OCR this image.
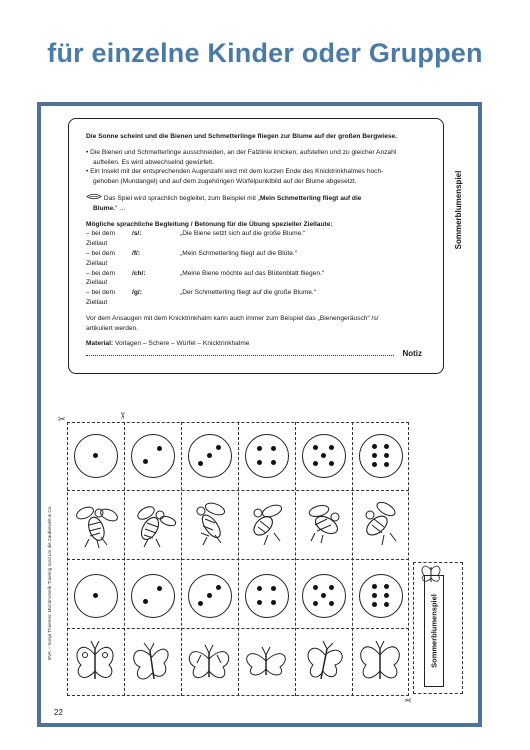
für einzelne Kinder oder Gruppen

Die Sonne scheint und die Bienen und Schmetterlinge fliegen zur Blume auf der großen Bergwiese.

• Die Bienen und Schmetterlinge ausschneiden, an der Falzlinie knicken, aufstellen und zu gleicher Anzahl

aufteilen. Es wird abwechselnd gewürfelt.

• Ein Insekt mit der entsprechenden Augenzahl wird mit dem kurzen Ende des Knicktrinkhalmes hoch-

gehoben (Mundangel) und auf dem zugehörigen Würfelpunktbild auf der Blume abgesetzt.

Das Spiel wird sprachlich begleitet, zum Beispiel mit „Mein Schmetterling fliegt auf die

Blume.“ …

Mögliche sprachliche Begleitung / Betonung für die Übung spezieller Ziellaute:

– bei dem Ziellaut
/s/:	„Die Biene setzt sich auf die große Blume.“
– bei dem Ziellaut
/f/:	„Mein Schmetterling fliegt auf die Blüte.“
– bei dem Ziellaut
/ch/:	„Meine Biene möchte auf das Blütenblatt fliegen.“
– bei dem Ziellaut
/g/:	„Der Schmetterling fliegt auf die große Blume.“

Vor dem Ansaugen mit dem Knicktrinkhalm kann auch immer zum Beispiel das „Bienengeräusch“ /s/

artikuliert werden.

Material: Vorlagen – Schere – Würfel – Knicktrinkhalme

Notiz
Sommerblumenspiel
BVK – Sonja Thoenes: Mundmotorik-Training rund um die Zauberwelt & Co.
22
✂	✂
✂
Sommerblumenspiel
